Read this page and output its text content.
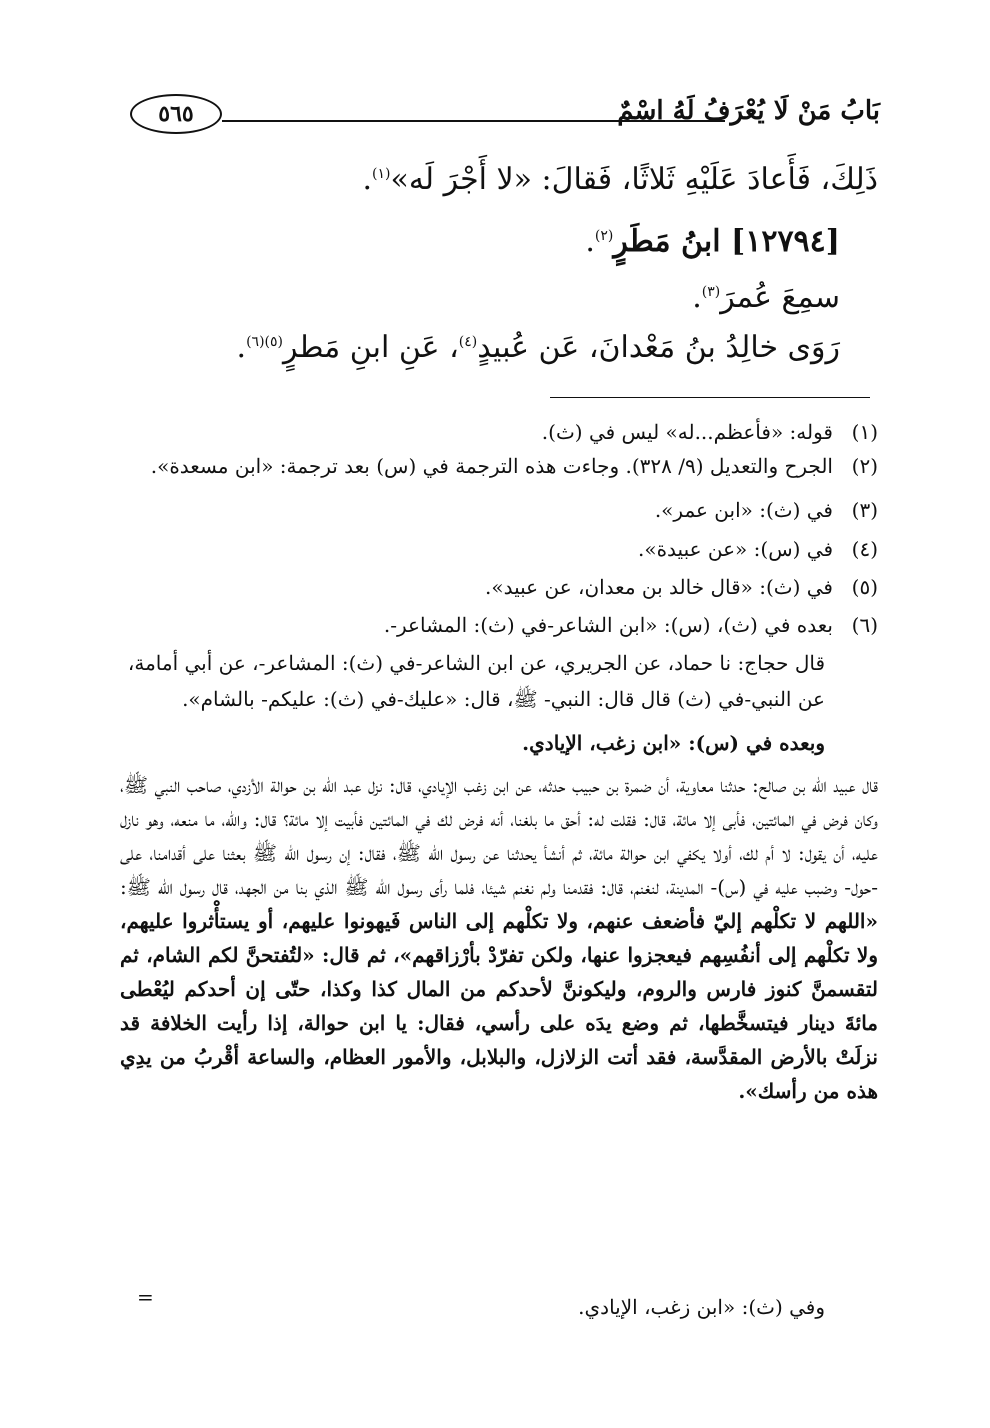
بَابُ مَنْ لَا يُعْرَفُ لَهُ اسْمٌ
٥٦٥
ذَلِكَ، فَأَعادَ عَلَيْهِ ثَلاثًا، فَقالَ: «لا أَجْرَ لَه»$^{(١)}$.
[١٢٧٩٤] ابنُ مَطَرٍ$^{(٢)}$.
سمِعَ عُمرَ$^{(٣)}$.
رَوَى خالِدُ بنُ مَعْدانَ، عَن عُبيدٍ$^{(٤)}$، عَنِ ابنِ مَطرٍ$^{(٥)(٦)}$.
(١)قوله: «فأعظم...له» ليس في (ث).
(٢)الجرح والتعديل (٩/ ٣٢٨). وجاءت هذه الترجمة في (س) بعد ترجمة: «ابن مسعدة».
(٣)في (ث): «ابن عمر».
(٤)في (س): «عن عبيدة».
(٥)في (ث): «قال خالد بن معدان، عن عبيد».
(٦)بعده في (ث)، (س): «ابن الشاعر-في (ث): المشاعر-.
قال حجاج: نا حماد، عن الجريري، عن ابن الشاعر-في (ث): المشاعر-، عن أبي أمامة،
عن النبي-في (ث) قال قال: النبي- ﷺ، قال: «عليك-في (ث): عليكم- بالشام».
وبعده في (س): «ابن زغب، الإيادي.
قال عبيد الله بن صالح: حدثنا معاوية، أن ضمرة بن حبيب حدثه، عن ابن زغب الإيادي، قال: نزل عبد الله بن حوالة الأزدي، صاحب النبي ﷺ، وكان فرض في المائتين، فأبى إلا مائة، قال: فقلت له: أحق ما بلغنا، أنه فرض لك في المائتين فأبيت إلا مائة؟ قال: والله، ما منعه، وهو نازل عليه، أن يقول: لا أم لك، أولا يكفي ابن حوالة مائة، ثم أنشأ يحدثنا عن رسول الله ﷺ، فقال: إن رسول الله ﷺ بعثنا على أقدامنا، على -حول- وضبب عليه في (س)- المدينة، لنغنم، قال: فقدمنا ولم نغنم شيئا، فلما رأى رسول الله ﷺ الذي بنا من الجهد، قال رسول الله ﷺ: «اللهم لا تكلْهم إليّ فأضعف عنهم، ولا تكلْهم إلى الناس فَيهونوا عليهم، أو يستأْثروا عليهم، ولا تكلْهم إلى أنفُسِهم فيعجزوا عنها، ولكن تفرّدْ بأرْزاقهم»، ثم قال: «لتُفتحنَّ لكم الشام، ثم لتقسمنَّ كنوز فارس والروم، وليكوننَّ لأحدكم من المال كذا وكذا، حتّى إن أحدكم ليُعْطى مائةَ دينار فيتسخَّطها، ثم وضع يدَه على رأسي، فقال: يا ابن حوالة، إذا رأيت الخلافة قد نزلَتْ بالأرض المقدَّسة، فقد أتت الزلازل، والبلابل، والأمور العظام، والساعة أقْربُ من يدِي هذه من رأسك».
وفي (ث): «ابن زغب، الإيادي.
=
